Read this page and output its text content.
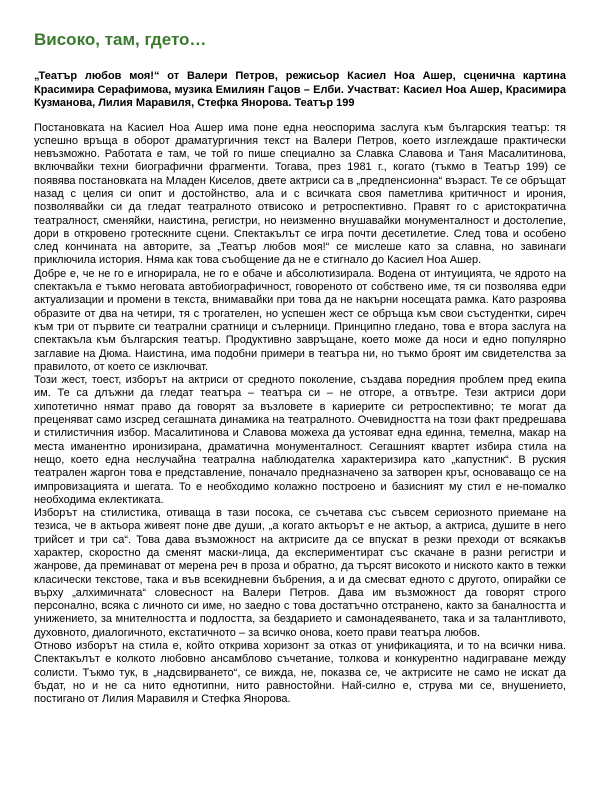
Високо, там, гдето…
„Театър любов моя!“ от Валери Петров, режисьор Касиел Ноа Ашер, сценична картина Красимира Серафимова, музика Емилиян Гацов – Елби. Участват: Касиел Ноа Ашер, Красимира Кузманова, Лилия Маравиля, Стефка Янорова. Театър 199

Постановката на Касиел Ноа Ашер има поне една неоспорима заслуга към българския театър: тя успешно връща в оборот драматургичния текст на Валери Петров, което изглеждаше практически невъзможно. Работата е там, че той го пише специално за Славка Славова и Таня Масалитинова, включвайки техни биографични фрагменти. Тогава, през 1981 г., когато (тъкмо в Театър 199) се появява постановката на Младен Киселов, двете актриси са в „предпенсионна“ възраст. Те се обръщат назад с целия си опит и достойнство, ала и с всичката своя паметлива критичност и ирония, позволявайки си да гледат театралното отвисоко и ретроспективно. Правят го с аристократична театралност, сменяйки, наистина, регистри, но неизменно внушавайки монументалност и достолепие, дори в откровено гротескните сцени. Спектакълът се игра почти десетилетие. След това и особено след кончината на авторите, за „Театър любов моя!“ се мислеше като за славна, но завинаги приключила история. Няма как това съобщение да не е стигнало до Касиел Ноа Ашер.

Добре е, че не го е игнорирала, не го е обаче и абсолютизирала. Водена от интуицията, че ядрото на спектакъла е тъкмо неговата автобиографичност, говореното от собствено име, тя си позволява едри актуализации и промени в текста, внимавайки при това да не накърни носещата рамка. Като разроява образите от два на четири, тя с трогателен, но успешен жест се обръща към свои състудентки, сиреч към три от първите си театрални сратници и сълерници. Принципно гледано, това е втора заслуга на спектакъла към българския театър. Продуктивно завръщане, което може да носи и едно популярно заглавие на Дюма. Наистина, има подобни примери в театъра ни, но тъкмо броят им свидетелства за правилото, от което се изключват.

Този жест, тоест, изборът на актриси от средното поколение, създава поредния проблем пред екипа им. Те са длъжни да гледат театъра – театъра си – не отгоре, а отвътре. Тези актриси дори хипотетично нямат право да говорят за възловете в кариерите си ретроспективно; те могат да преценяват само изсред сегашната динамика на театралното. Очевидността на този факт предрешава и стилистичния избор. Масалитинова и Славова можеха да устояват една единна, темелна, макар на места иманентно иронизирана, драматична монументалност. Сегашният квартет избира стила на нещо, което една неслучайна театрална наблюдателка характеризира като „капустник“. В руския театрален жаргон това е представление, поначало предназначено за затворен кръг, основаващо се на импровизацията и шегата. То е необходимо колажно построено и базисният му стил е не-помалко необходима еклектиката.

Изборът на стилистика, отиваща в тази посока, се съчетава със съвсем сериозното приемане на тезиса, че в актьора живеят поне две души, „а когато актьорът е не актьор, а актриса, душите в него трийсет и три са“. Това дава възможност на актрисите да се впускат в резки преходи от всякакъв характер, скоростно да сменят маски-лица, да експериментират със скачане в разни регистри и жанрове, да преминават от мерена реч в проза и обратно, да търсят високото и ниското както в тежки класически текстове, така и във всекидневни бъбрения, а и да смесват едното с другото, опирайки се върху „алхимичната“ словесност на Валери Петров. Дава им възможност да говорят строго персонално, всяка с личното си име, но заедно с това достатъчно отстранено, както за баналността и унижението, за мнителността и подлостта, за бездарието и самонадеяването, така и за талантливото, духовното, диалогичното, екстатичното – за всичко онова, което прави театъра любов.

Отново изборът на стила е, който открива хоризонт за отказ от унификацията, и то на всички нива. Спектакълът е колкото любовно ансамблово съчетание, толкова и конкурентно надиграване между солисти. Тъкмо тук, в „надсвирването“, се вижда, не, показва се, че актрисите не само не искат да бъдат, но и не са нито еднотипни, нито равностойни. Най-силно е, струва ми се, внушението, постигано от Лилия Маравиля и Стефка Янорова.
